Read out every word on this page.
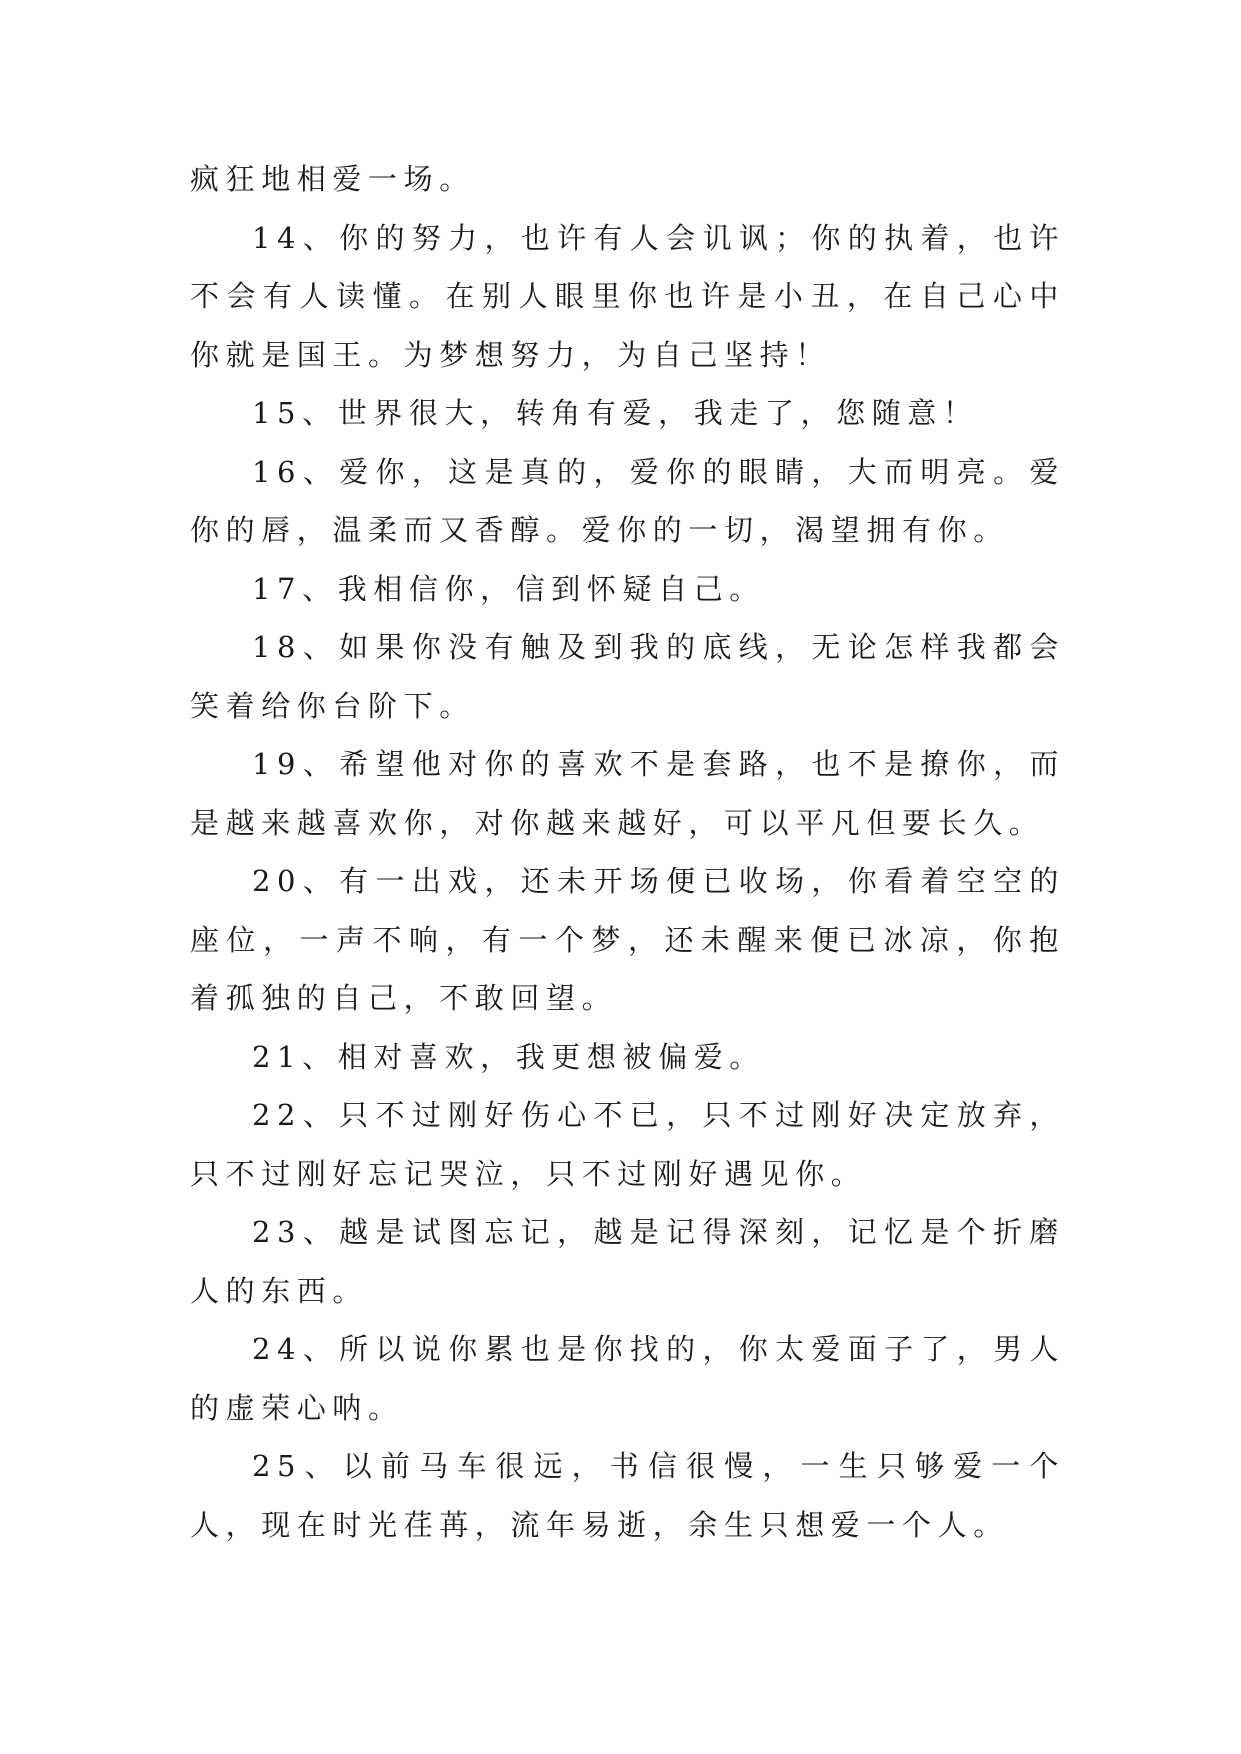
疯狂地相爱一场。

14、你的努力，也许有人会讥讽；你的执着，也许不会有人读懂。在别人眼里你也许是小丑，在自己心中你就是国王。为梦想努力，为自己坚持！

15、世界很大，转角有爱，我走了，您随意！

16、爱你，这是真的，爱你的眼睛，大而明亮。爱你的唇，温柔而又香醇。爱你的一切，渴望拥有你。

17、我相信你，信到怀疑自己。

18、如果你没有触及到我的底线，无论怎样我都会笑着给你台阶下。

19、希望他对你的喜欢不是套路，也不是撩你，而是越来越喜欢你，对你越来越好，可以平凡但要长久。

20、有一出戏，还未开场便已收场，你看着空空的座位，一声不响，有一个梦，还未醒来便已冰凉，你抱着孤独的自己，不敢回望。

21、相对喜欢，我更想被偏爱。

22、只不过刚好伤心不已，只不过刚好决定放弃，只不过刚好忘记哭泣，只不过刚好遇见你。

23、越是试图忘记，越是记得深刻，记忆是个折磨人的东西。

24、所以说你累也是你找的，你太爱面子了，男人的虚荣心呐。

25、以前马车很远，书信很慢，一生只够爱一个人，现在时光荏苒，流年易逝，余生只想爱一个人。
